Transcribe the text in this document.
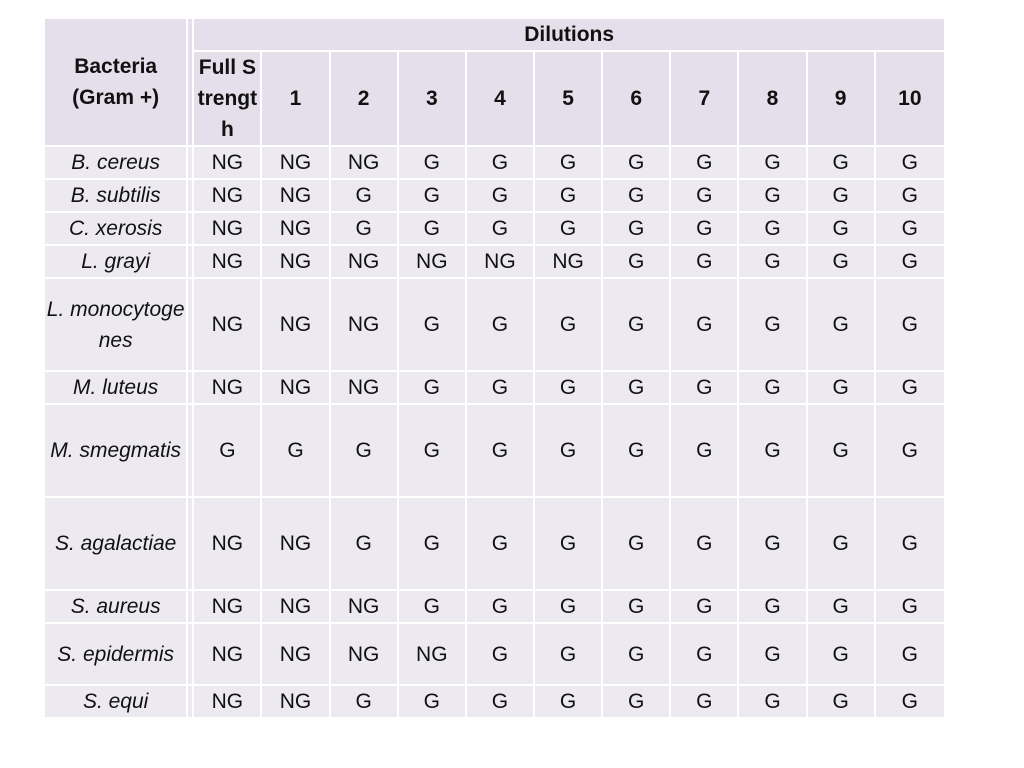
Bacteria (Gram +)		Dilutions										
		Full Strength	1	2	3	4	5	6	7	8	9	10
B. cereus		NG	NG	NG	G	G	G	G	G	G	G	G
B. subtilis		NG	NG	G	G	G	G	G	G	G	G	G
C. xerosis		NG	NG	G	G	G	G	G	G	G	G	G
L. grayi		NG	NG	NG	NG	NG	NG	G	G	G	G	G
L. monocytogenes		NG	NG	NG	G	G	G	G	G	G	G	G
M. luteus		NG	NG	NG	G	G	G	G	G	G	G	G
M. smegmatis		G	G	G	G	G	G	G	G	G	G	G
S. agalactiae		NG	NG	G	G	G	G	G	G	G	G	G
S. aureus		NG	NG	NG	G	G	G	G	G	G	G	G
S. epidermis		NG	NG	NG	NG	G	G	G	G	G	G	G
S. equi		NG	NG	G	G	G	G	G	G	G	G	G
